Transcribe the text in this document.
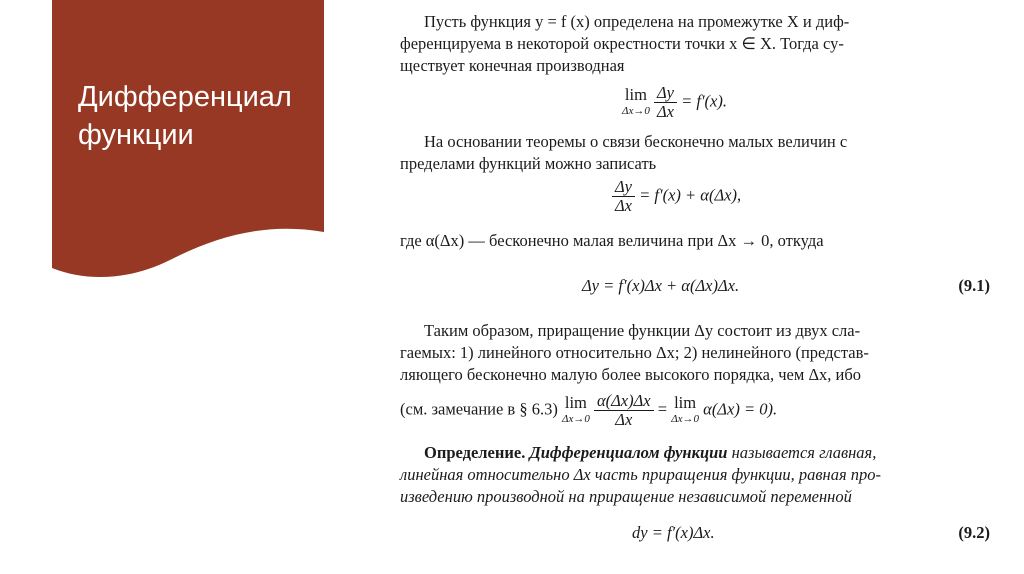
Дифференциал
функции
Пусть функция y = f (x) определена на промежутке X и диф-
ференцируема в некоторой окрестности точки x ∈ X. Тогда су-
ществует конечная производная
lim
Δx→0
$\frac{\Delta y}{\Delta x} = f'(x)$.
На основании теоремы о связи бесконечно малых величин с
пределами функций можно записать
$\frac{\Delta y}{\Delta x} = f'(x) + \alpha(\Delta x)$,
где α(Δx) — бесконечно малая величина при Δx → 0, откуда
Δy = f′(x)Δx + α(Δx)Δx.	(9.1)
Таким образом, приращение функции Δy состоит из двух сла-
гаемых: 1) линейного относительно Δx; 2) нелинейного (представ-
ляющего бесконечно малую более высокого порядка, чем Δx, ибо
(см. замечание в § 6.3) lim
Δx→0
$\frac{\alpha(\Delta x)\Delta x}{\Delta x} = \lim$
Δx→0
α(Δx) = 0).
Определение. Дифференциалом функции называется главная,
линейная относительно Δx часть приращения функции, равная про-
изведению производной на приращение независимой переменной
dy = f′(x)Δx.	(9.2)
